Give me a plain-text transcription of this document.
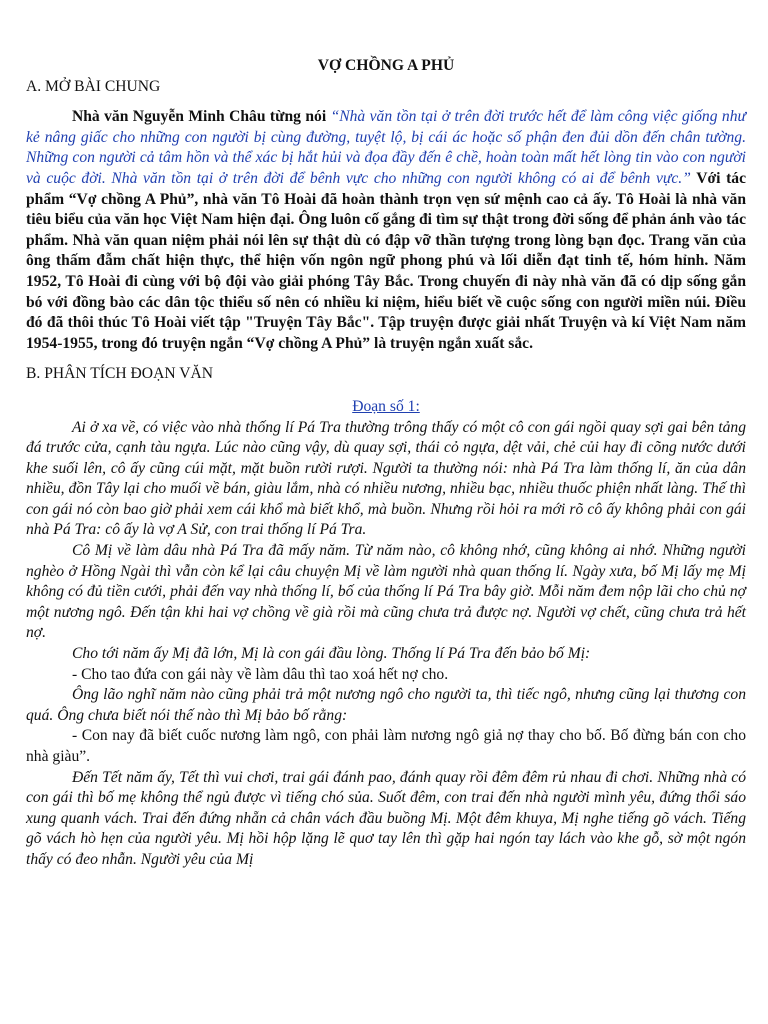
VỢ CHỒNG A PHỦ
A. MỞ BÀI CHUNG
Nhà văn Nguyễn Minh Châu từng nói “Nhà văn tồn tại ở trên đời trước hết để làm công việc giống như kẻ nâng giấc cho những con người bị cùng đường, tuyệt lộ, bị cái ác hoặc số phận đen đủi dồn đến chân tường. Những con người cả tâm hồn và thể xác bị hắt hủi và đọa đầy đến ê chề, hoàn toàn mất hết lòng tin vào con người và cuộc đời. Nhà văn tồn tại ở trên đời để bênh vực cho những con người không có ai để bênh vực.” Với tác phẩm “Vợ chồng A Phủ”, nhà văn Tô Hoài đã hoàn thành trọn vẹn sứ mệnh cao cả ấy. Tô Hoài là nhà văn tiêu biểu của văn học Việt Nam hiện đại. Ông luôn cố gắng đi tìm sự thật trong đời sống để phản ánh vào tác phẩm. Nhà văn quan niệm phải nói lên sự thật dù có đập vỡ thần tượng trong lòng bạn đọc. Trang văn của ông thấm đẫm chất hiện thực, thể hiện vốn ngôn ngữ phong phú và lối diễn đạt tinh tế, hóm hỉnh. Năm 1952, Tô Hoài đi cùng với bộ đội vào giải phóng Tây Bắc. Trong chuyến đi này nhà văn đã có dịp sống gắn bó với đồng bào các dân tộc thiểu số nên có nhiều kỉ niệm, hiểu biết về cuộc sống con người miền núi. Điều đó đã thôi thúc Tô Hoài viết tập "Truyện Tây Bắc". Tập truyện được giải nhất Truyện và kí Việt Nam năm 1954-1955, trong đó truyện ngắn “Vợ chồng A Phủ” là truyện ngắn xuất sắc.
B. PHÂN TÍCH ĐOẠN VĂN
Đoạn số 1:

Ai ở xa về, có việc vào nhà thống lí Pá Tra thường trông thấy có một cô con gái ngồi quay sợi gai bên tảng đá trước cửa, cạnh tàu ngựa. Lúc nào cũng vậy, dù quay sợi, thái cỏ ngựa, dệt vải, chẻ củi hay đi cõng nước dưới khe suối lên, cô ấy cũng cúi mặt, mặt buồn rười rượi. Người ta thường nói: nhà Pá Tra làm thống lí, ăn của dân nhiều, đồn Tây lại cho muối về bán, giàu lắm, nhà có nhiều nương, nhiều bạc, nhiều thuốc phiện nhất làng. Thế thì con gái nó còn bao giờ phải xem cái khổ mà biết khổ, mà buồn. Nhưng rồi hỏi ra mới rõ cô ấy không phải con gái nhà Pá Tra: cô ấy là vợ A Sử, con trai thống lí Pá Tra.

Cô Mị về làm dâu nhà Pá Tra đã mấy năm. Từ năm nào, cô không nhớ, cũng không ai nhớ. Những người nghèo ở Hồng Ngài thì vẫn còn kể lại câu chuyện Mị về làm người nhà quan thống lí. Ngày xưa, bố Mị lấy mẹ Mị không có đủ tiền cưới, phải đến vay nhà thống lí, bố của thống lí Pá Tra bây giờ. Mỗi năm đem nộp lãi cho chủ nợ một nương ngô. Đến tận khi hai vợ chồng về già rồi mà cũng chưa trả được nợ. Người vợ chết, cũng chưa trả hết nợ.

Cho tới năm ấy Mị đã lớn, Mị là con gái đầu lòng. Thống lí Pá Tra đến bảo bố Mị:

- Cho tao đứa con gái này về làm dâu thì tao xoá hết nợ cho.

Ông lão nghĩ năm nào cũng phải trả một nương ngô cho người ta, thì tiếc ngô, nhưng cũng lại thương con quá. Ông chưa biết nói thế nào thì Mị bảo bố rằng:

- Con nay đã biết cuốc nương làm ngô, con phải làm nương ngô giả nợ thay cho bố. Bố đừng bán con cho nhà giàu”.

Đến Tết năm ấy, Tết thì vui chơi, trai gái đánh pao, đánh quay rồi đêm đêm rủ nhau đi chơi. Những nhà có con gái thì bố mẹ không thể ngủ được vì tiếng chó sủa. Suốt đêm, con trai đến nhà người mình yêu, đứng thổi sáo xung quanh vách. Trai đến đứng nhẵn cả chân vách đầu buồng Mị. Một đêm khuya, Mị nghe tiếng gõ vách. Tiếng gõ vách hò hẹn của người yêu. Mị hồi hộp lặng lẽ quơ tay lên thì gặp hai ngón tay lách vào khe gỗ, sờ một ngón thấy có đeo nhẫn. Người yêu của Mị
